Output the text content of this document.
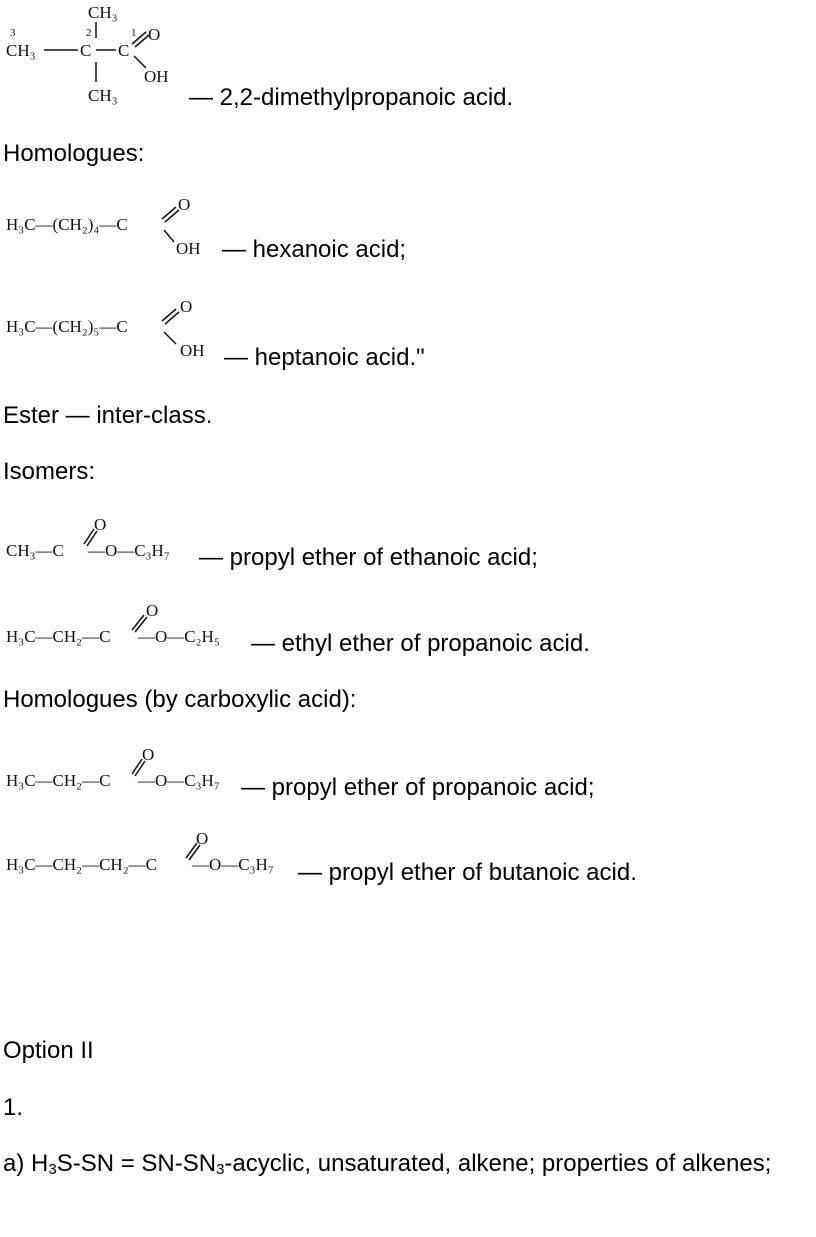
3	2	1
CH₃
CH₃	C C
O
OH
CH₃	— 2,2-dimethylpropanoic acid.
Homologues:
H₃C—(CH₂)₄—C
O
OH — hexanoic acid;
H₃C—(CH₂)₅—C
O
OH — heptanoic acid."
Ester — inter-class.
Isomers:
CH₃—C
O
—O—C₃H₇ — propyl ether of ethanoic acid;
H₃C—CH₂—C
O
—O—C₂H₅ — ethyl ether of propanoic acid.
Homologues (by carboxylic acid):
H₃C—CH₂—C
O
—O—C₃H₇ — propyl ether of propanoic acid;
H₃C—CH₂—CH₂—C
O
—O—C₃H₇ — propyl ether of butanoic acid.
Option II
1.
a) $H_3S-SN$ = $SN-SN_3$-acyclic, unsaturated, alkene; properties of alkenes;
